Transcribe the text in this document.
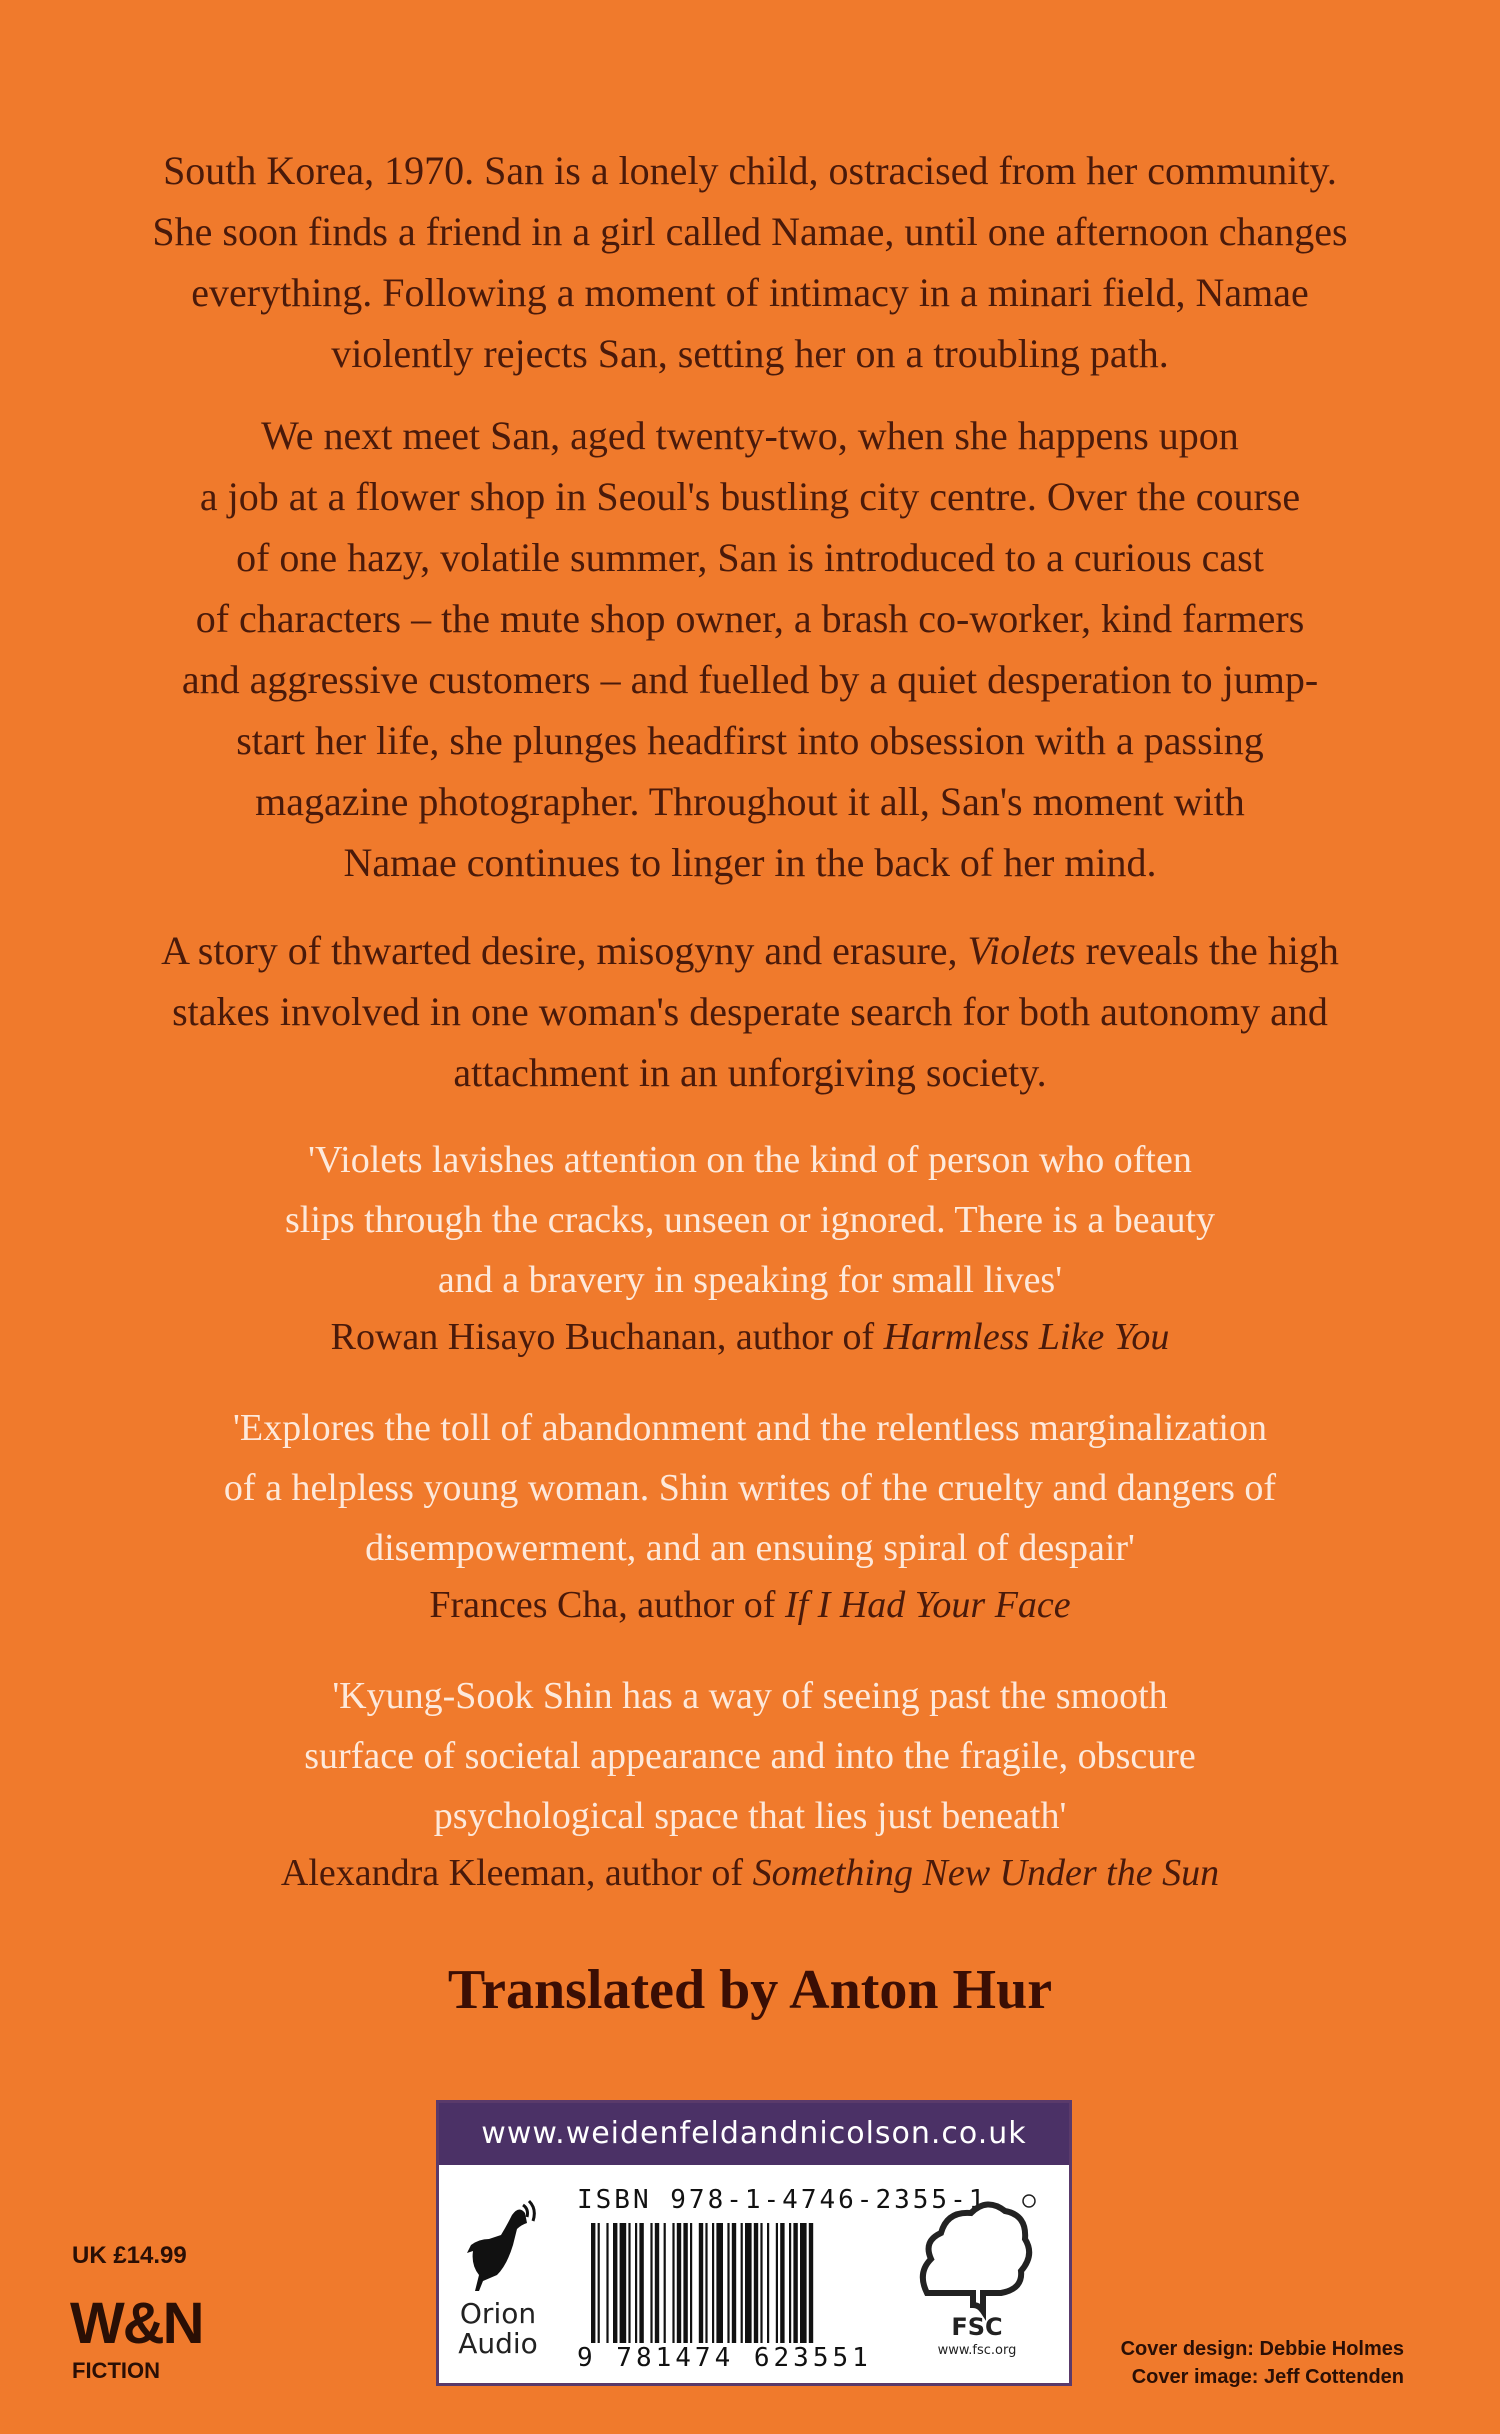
South Korea, 1970. San is a lonely child, ostracised from her community.
She soon finds a friend in a girl called Namae, until one afternoon changes
everything. Following a moment of intimacy in a minari field, Namae
violently rejects San, setting her on a troubling path.
We next meet San, aged twenty-two, when she happens upon
a job at a flower shop in Seoul's bustling city centre. Over the course
of one hazy, volatile summer, San is introduced to a curious cast
of characters – the mute shop owner, a brash co-worker, kind farmers
and aggressive customers – and fuelled by a quiet desperation to jump-
start her life, she plunges headfirst into obsession with a passing
magazine photographer. Throughout it all, San's moment with
Namae continues to linger in the back of her mind.
A story of thwarted desire, misogyny and erasure, Violets reveals the high
stakes involved in one woman's desperate search for both autonomy and
attachment in an unforgiving society.
'Violets lavishes attention on the kind of person who often
slips through the cracks, unseen or ignored. There is a beauty
and a bravery in speaking for small lives'
Rowan Hisayo Buchanan, author of Harmless Like You
'Explores the toll of abandonment and the relentless marginalization
of a helpless young woman. Shin writes of the cruelty and dangers of
disempowerment, and an ensuing spiral of despair'
Frances Cha, author of If I Had Your Face
'Kyung-Sook Shin has a way of seeing past the smooth
surface of societal appearance and into the fragile, obscure
psychological space that lies just beneath'
Alexandra Kleeman, author of Something New Under the Sun
Translated by Anton Hur
www.weidenfeldandnicolson.co.uk
Orion Audio
ISBN 978-1-4746-2355-1
9 781474 623551
FSC
www.fsc.org
UK £14.99
W&N
FICTION
Cover design: Debbie Holmes
Cover image: Jeff Cottenden
